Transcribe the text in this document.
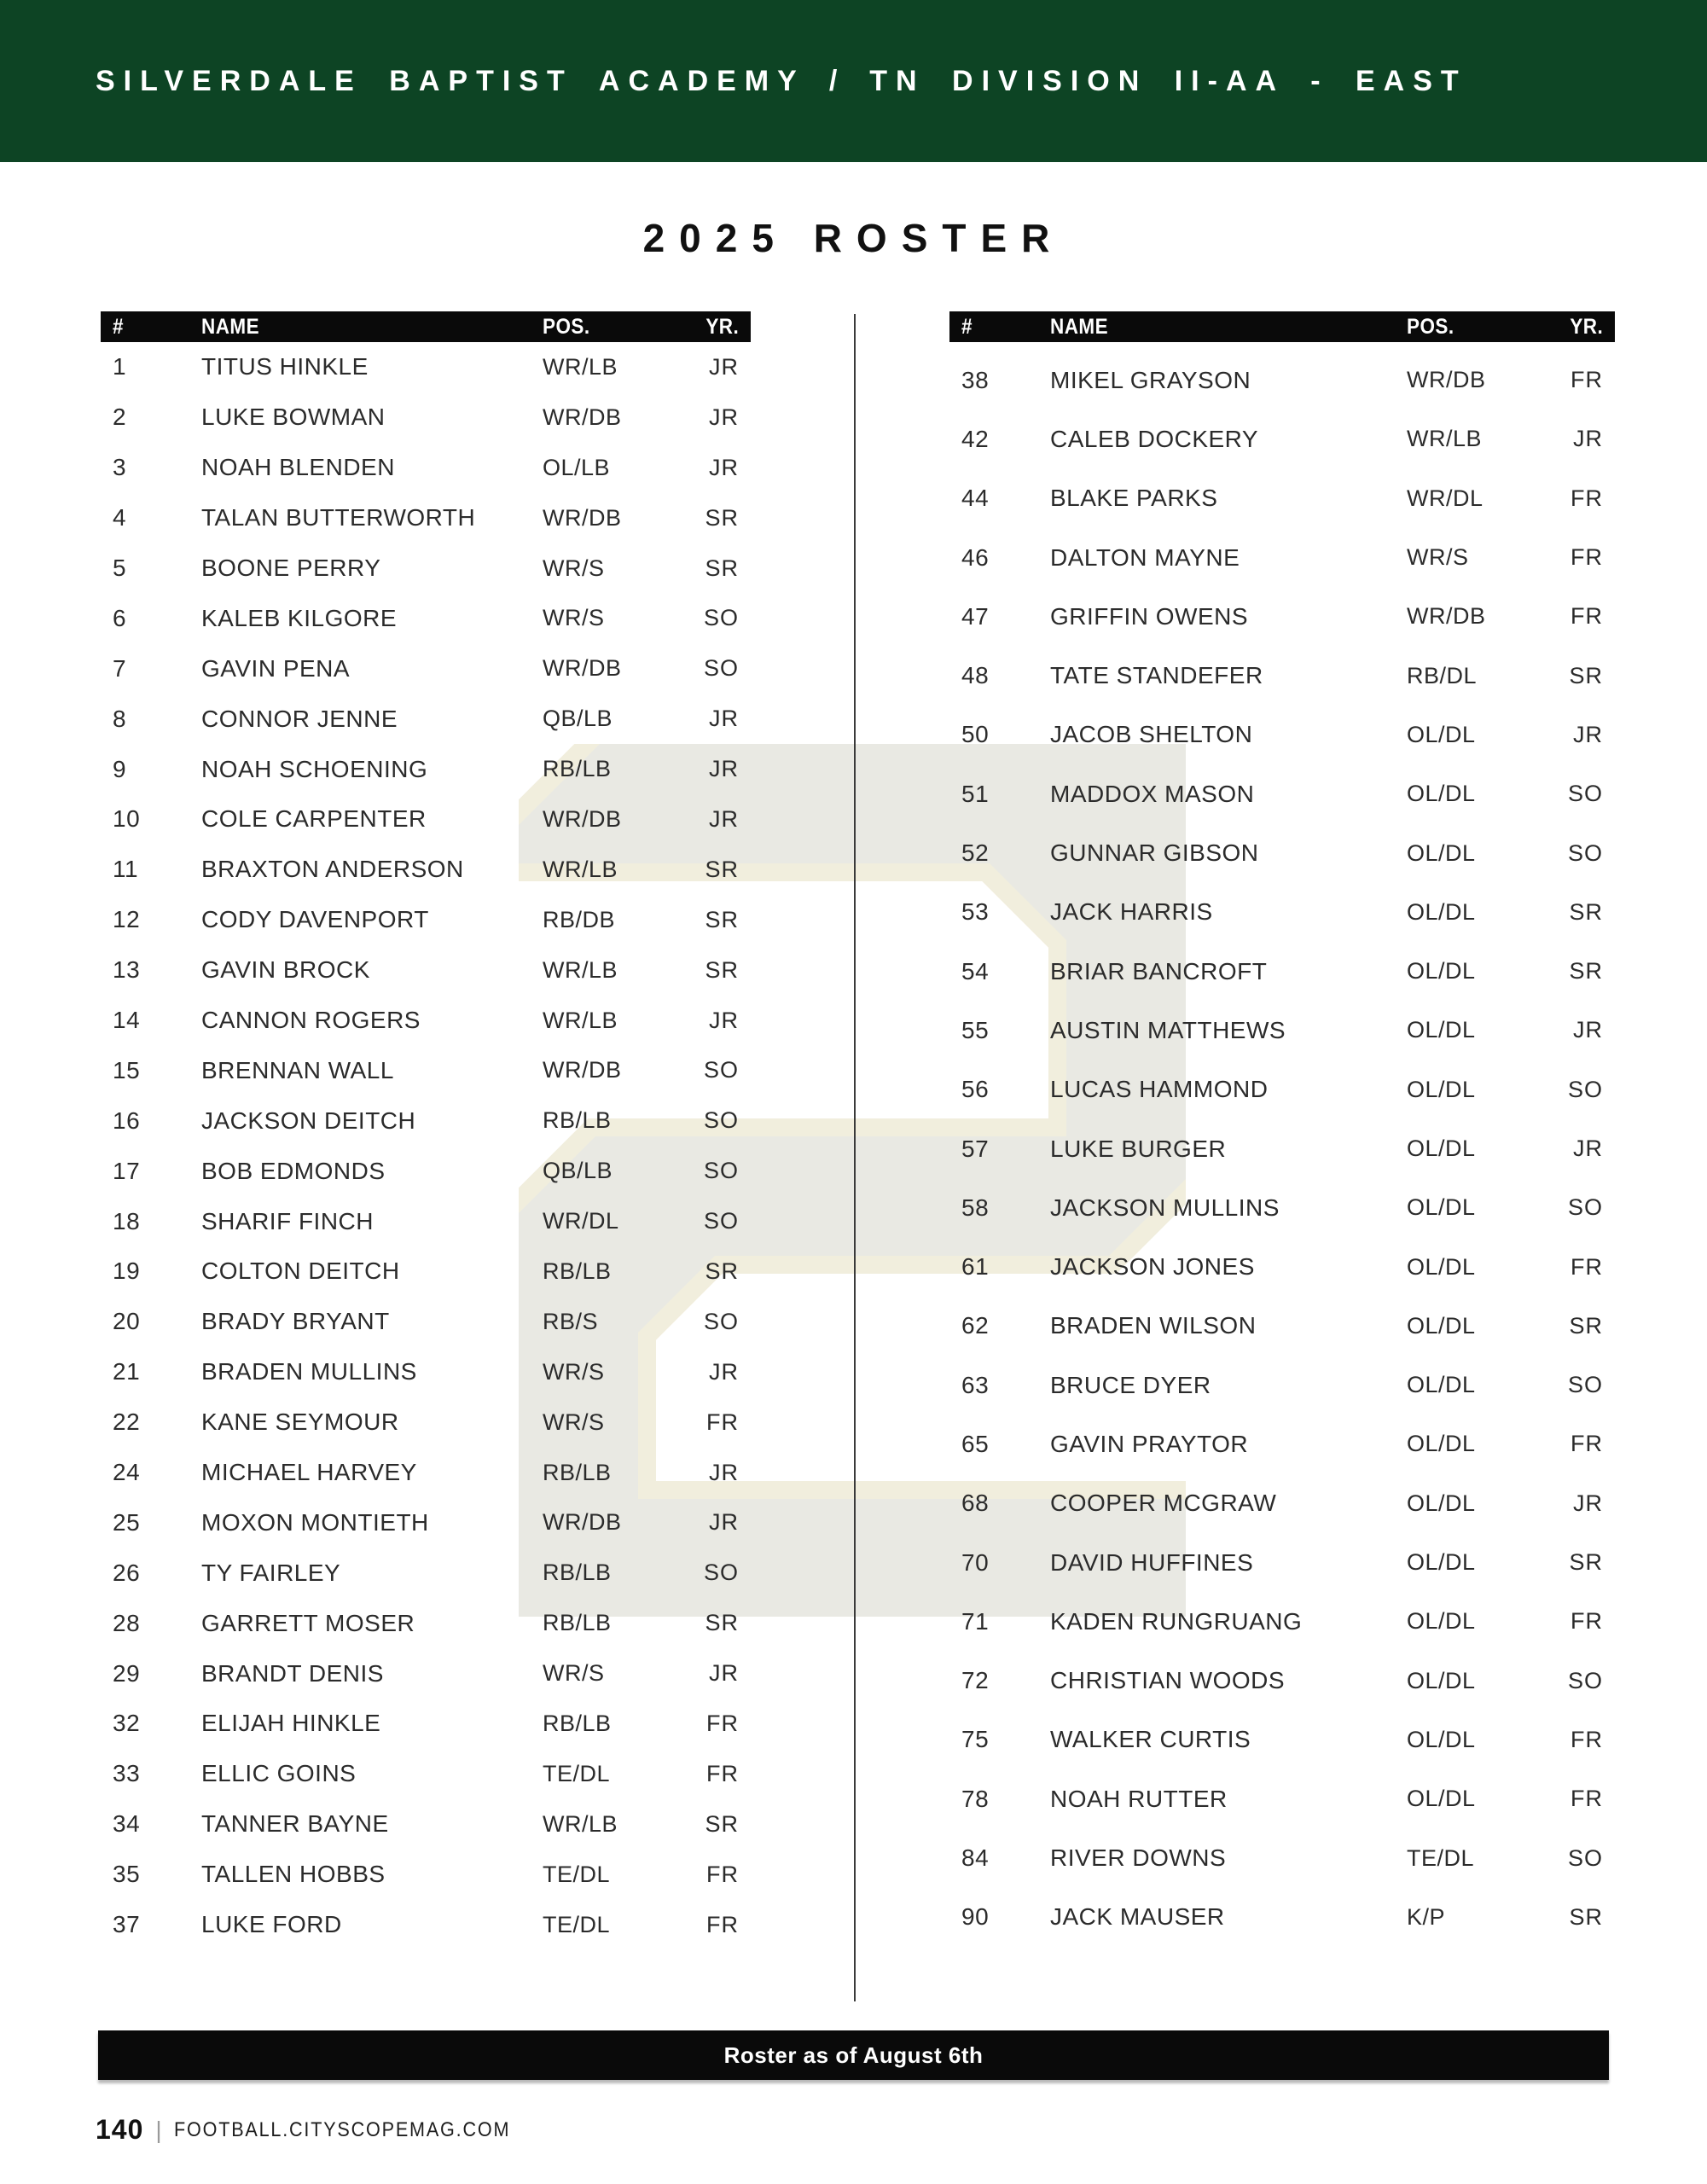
SILVERDALE BAPTIST ACADEMY / TN DIVISION II-AA - EAST
2025 ROSTER
#	NAME	POS.	YR.
1	TITUS HINKLE	WR/LB	JR
2	LUKE BOWMAN	WR/DB	JR
3	NOAH BLENDEN	OL/LB	JR
4	TALAN BUTTERWORTH	WR/DB	SR
5	BOONE PERRY	WR/S	SR
6	KALEB KILGORE	WR/S	SO
7	GAVIN PENA	WR/DB	SO
8	CONNOR JENNE	QB/LB	JR
9	NOAH SCHOENING	RB/LB	JR
10	COLE CARPENTER	WR/DB	JR
11	BRAXTON ANDERSON	WR/LB	SR
12	CODY DAVENPORT	RB/DB	SR
13	GAVIN BROCK	WR/LB	SR
14	CANNON ROGERS	WR/LB	JR
15	BRENNAN WALL	WR/DB	SO
16	JACKSON DEITCH	RB/LB	SO
17	BOB EDMONDS	QB/LB	SO
18	SHARIF FINCH	WR/DL	SO
19	COLTON DEITCH	RB/LB	SR
20	BRADY BRYANT	RB/S	SO
21	BRADEN MULLINS	WR/S	JR
22	KANE SEYMOUR	WR/S	FR
24	MICHAEL HARVEY	RB/LB	JR
25	MOXON MONTIETH	WR/DB	JR
26	TY FAIRLEY	RB/LB	SO
28	GARRETT MOSER	RB/LB	SR
29	BRANDT DENIS	WR/S	JR
32	ELIJAH HINKLE	RB/LB	FR
33	ELLIC GOINS	TE/DL	FR
34	TANNER BAYNE	WR/LB	SR
35	TALLEN HOBBS	TE/DL	FR
37	LUKE FORD	TE/DL	FR
#	NAME	POS.	YR.
38	MIKEL GRAYSON	WR/DB	FR
42	CALEB DOCKERY	WR/LB	JR
44	BLAKE PARKS	WR/DL	FR
46	DALTON MAYNE	WR/S	FR
47	GRIFFIN OWENS	WR/DB	FR
48	TATE STANDEFER	RB/DL	SR
50	JACOB SHELTON	OL/DL	JR
51	MADDOX MASON	OL/DL	SO
52	GUNNAR GIBSON	OL/DL	SO
53	JACK HARRIS	OL/DL	SR
54	BRIAR BANCROFT	OL/DL	SR
55	AUSTIN MATTHEWS	OL/DL	JR
56	LUCAS HAMMOND	OL/DL	SO
57	LUKE BURGER	OL/DL	JR
58	JACKSON MULLINS	OL/DL	SO
61	JACKSON JONES	OL/DL	FR
62	BRADEN WILSON	OL/DL	SR
63	BRUCE DYER	OL/DL	SO
65	GAVIN PRAYTOR	OL/DL	FR
68	COOPER MCGRAW	OL/DL	JR
70	DAVID HUFFINES	OL/DL	SR
71	KADEN RUNGRUANG	OL/DL	FR
72	CHRISTIAN WOODS	OL/DL	SO
75	WALKER CURTIS	OL/DL	FR
78	NOAH RUTTER	OL/DL	FR
84	RIVER DOWNS	TE/DL	SO
90	JACK MAUSER	K/P	SR
Roster as of August 6th
140 | FOOTBALL.CITYSCOPEMAG.COM
